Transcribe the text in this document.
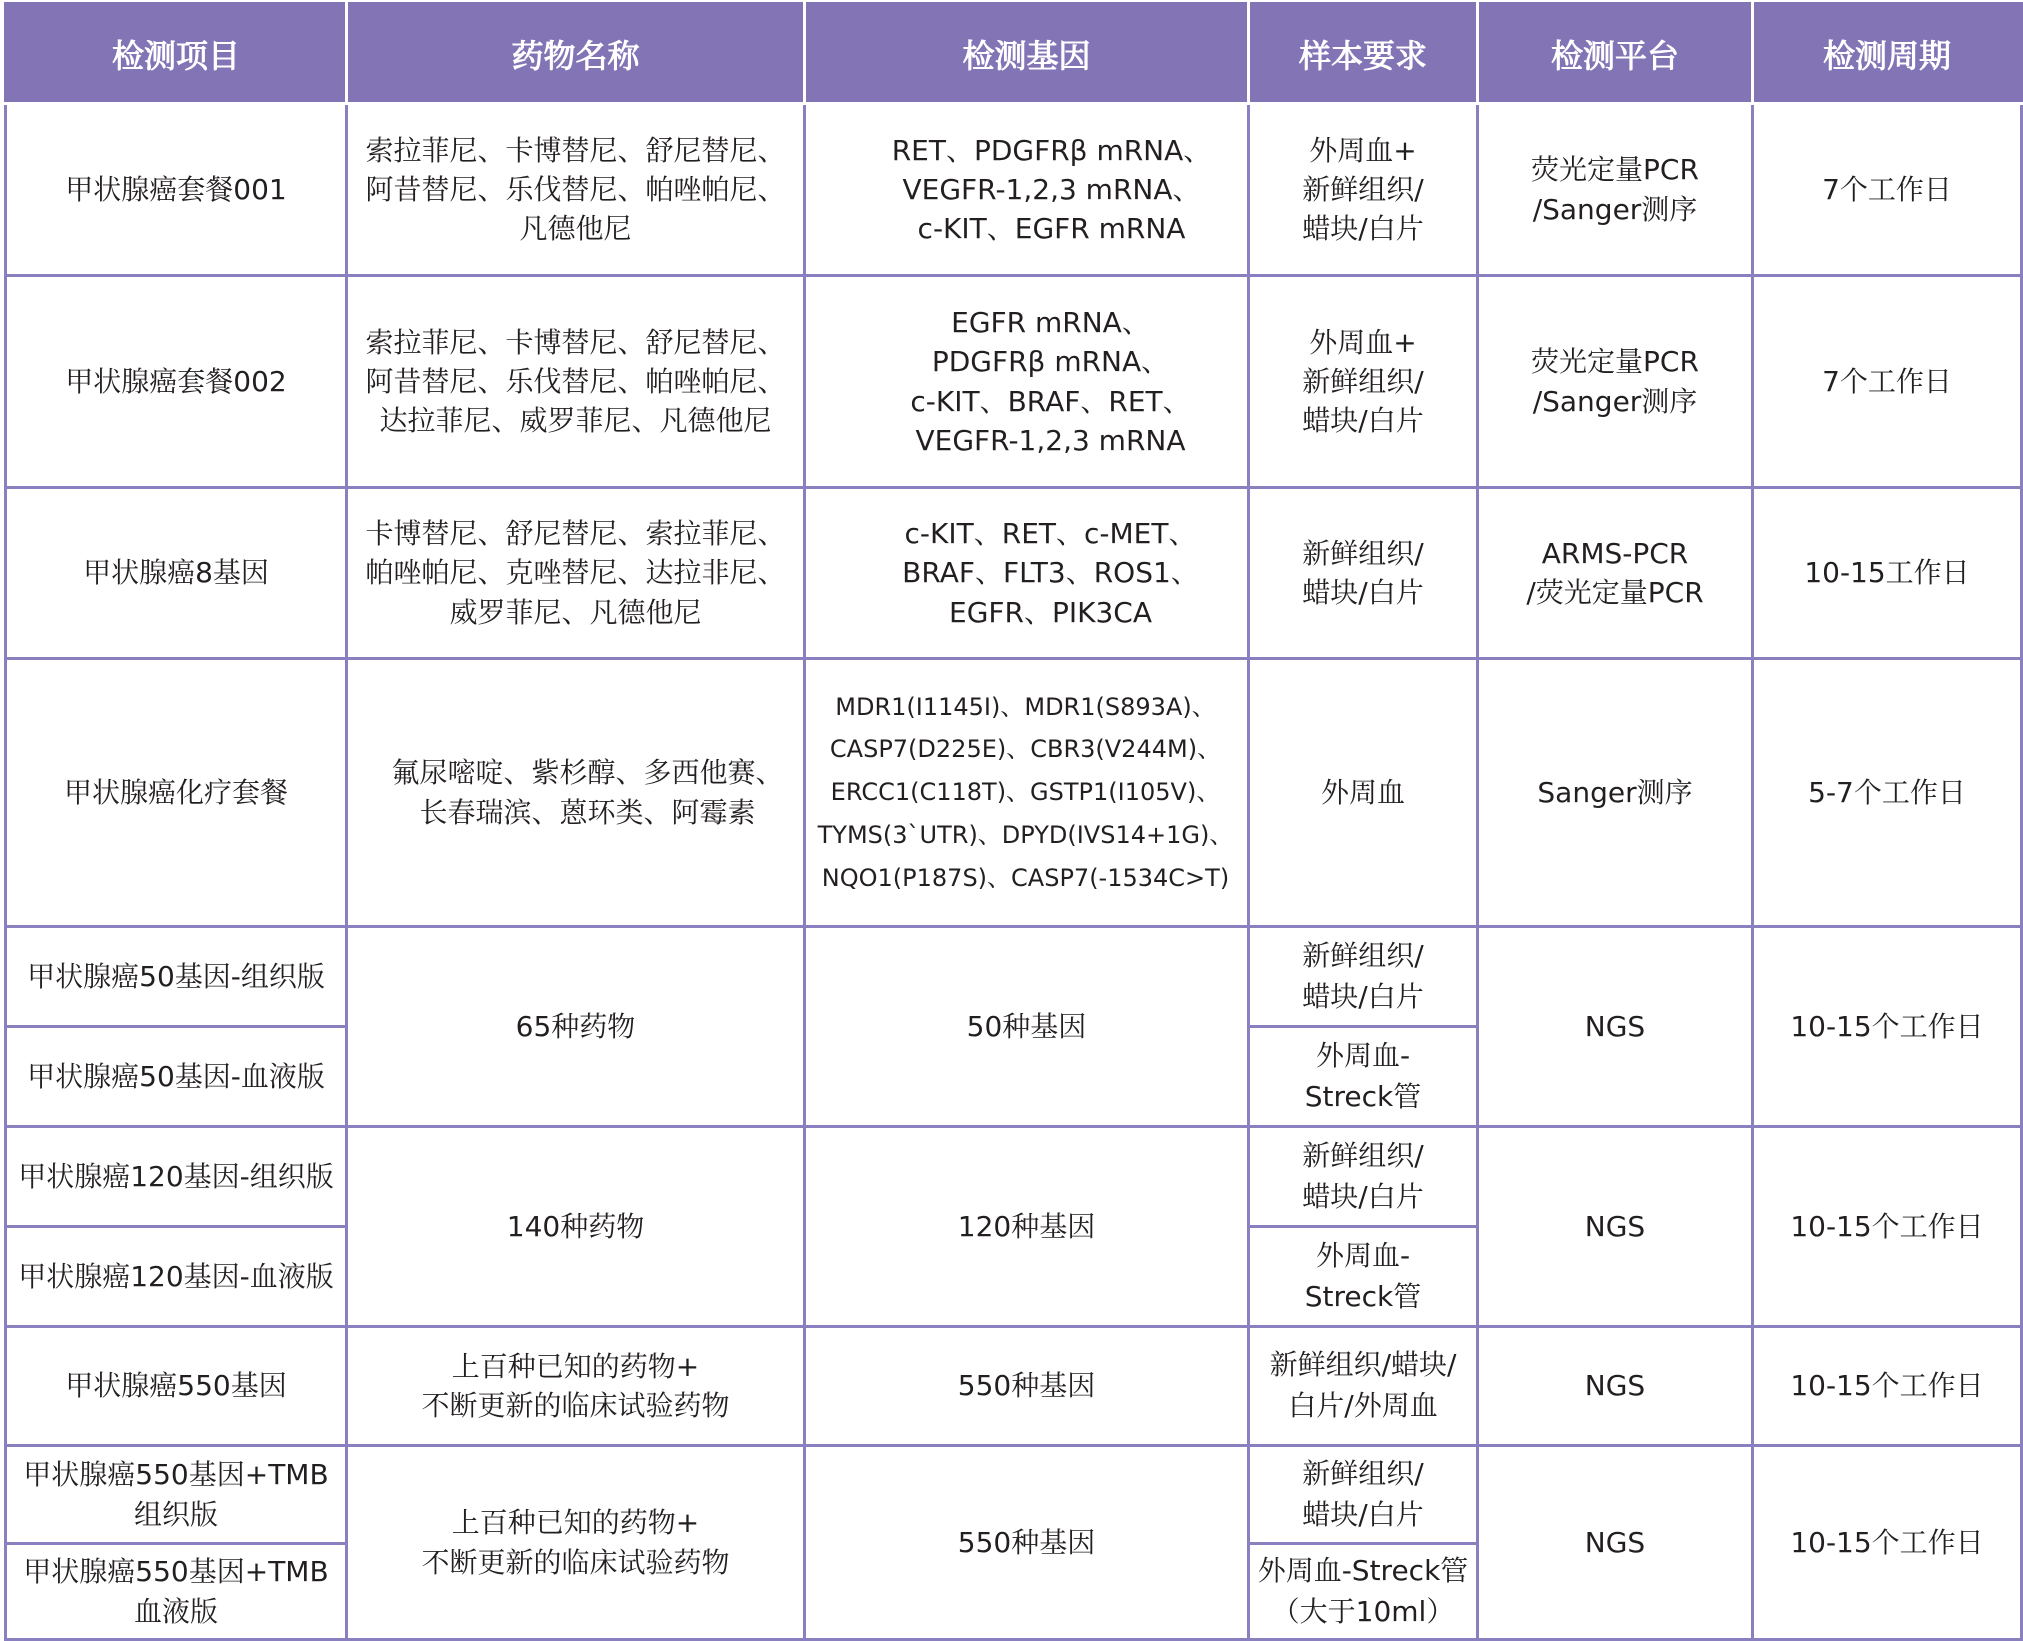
检测项目	药物名称	检测基因	样本要求	检测平台	检测周期
甲状腺癌套餐001	索拉菲尼、卡博替尼、舒尼替尼、
阿昔替尼、乐伐替尼、帕唑帕尼、
凡德他尼	RET、PDGFRβ mRNA、
VEGFR-1,2,3 mRNA、
c-KIT、EGFR mRNA	外周血+
新鲜组织/
蜡块/白片	荧光定量PCR
/Sanger测序	7个工作日
甲状腺癌套餐002	索拉菲尼、卡博替尼、舒尼替尼、
阿昔替尼、乐伐替尼、帕唑帕尼、
达拉菲尼、威罗菲尼、凡德他尼	EGFR mRNA、
PDGFRβ mRNA、
c-KIT、BRAF、RET、
VEGFR-1,2,3 mRNA	外周血+
新鲜组织/
蜡块/白片	荧光定量PCR
/Sanger测序	7个工作日
甲状腺癌8基因	卡博替尼、舒尼替尼、索拉菲尼、
帕唑帕尼、克唑替尼、达拉非尼、
威罗菲尼、凡德他尼	c-KIT、RET、c-MET、
BRAF、FLT3、ROS1、
EGFR、PIK3CA	新鲜组织/
蜡块/白片	ARMS-PCR
/荧光定量PCR	10-15工作日
甲状腺癌化疗套餐	氟尿嘧啶、紫杉醇、多西他赛、
长春瑞滨、蒽环类、阿霉素	MDR1(I1145I)、MDR1(S893A)、
CASP7(D225E)、CBR3(V244M)、
ERCC1(C118T)、GSTP1(I105V)、
TYMS(3`UTR)、DPYD(IVS14+1G)、
NQO1(P187S)、CASP7(-1534C>T)	外周血	Sanger测序	5-7个工作日
甲状腺癌50基因-组织版	65种药物	50种基因	新鲜组织/
蜡块/白片	NGS	10-15个工作日
甲状腺癌50基因-血液版			外周血-
Streck管		

甲状腺癌120基因-组织版	140种药物	120种基因	新鲜组织/
蜡块/白片	NGS	10-15个工作日
甲状腺癌120基因-血液版			外周血-
Streck管		

甲状腺癌550基因	上百种已知的药物+
不断更新的临床试验药物	550种基因	新鲜组织/蜡块/
白片/外周血	NGS	10-15个工作日

甲状腺癌550基因+TMB
组织版	上百种已知的药物+
不断更新的临床试验药物	550种基因	新鲜组织/
蜡块/白片	NGS	10-15个工作日

甲状腺癌550基因+TMB
血液版			外周血-Streck管
（大于10ml）		
